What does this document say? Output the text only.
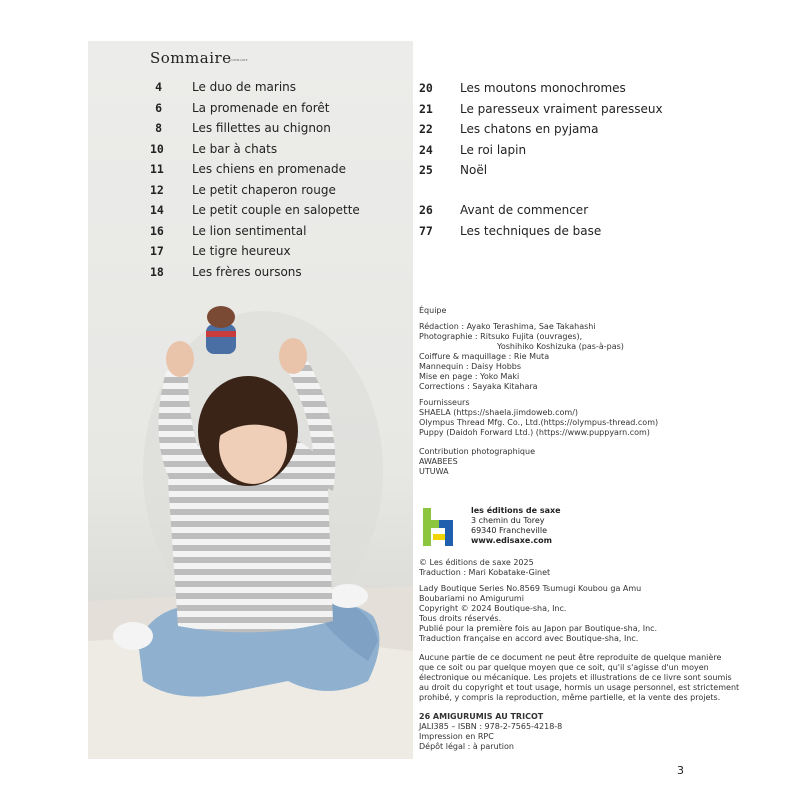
Sommaire
SOMMAIRE
4	Le duo de marins
6	La promenade en forêt
8	Les fillettes au chignon
10 Le bar à chats
11 Les chiens en promenade
12 Le petit chaperon rouge
14 Le petit couple en salopette
16 Le lion sentimental
17 Le tigre heureux
18 Les frères oursons
20 Les moutons monochromes
21 Le paresseux vraiment paresseux
22 Les chatons en pyjama
24 Le roi lapin
25 Noël
26 Avant de commencer
77 Les techniques de base

Équipe

Rédaction : Ayako Terashima, Sae Takahashi

Photographie : Ritsuko Fujita (ouvrages),

Yoshihiko Koshizuka (pas-à-pas)

Coiffure & maquillage : Rie Muta

Mannequin : Daisy Hobbs

Mise en page : Yoko Maki

Corrections : Sayaka Kitahara

Fournisseurs

SHAELA (https://shaela.jimdoweb.com/)

Olympus Thread Mfg. Co., Ltd.(https://olympus-thread.com)

Puppy (Daidoh Forward Ltd.) (https://www.puppyarn.com)

Contribution photographique

AWABEES

UTUWA

les éditions de saxe
3 chemin du Torey
69340 Francheville
www.edisaxe.com

© Les éditions de saxe 2025

Traduction : Mari Kobatake-Ginet

Lady Boutique Series No.8569 Tsumugi Koubou ga Amu

Boubariami no Amigurumi

Copyright © 2024 Boutique-sha, Inc.

Tous droits réservés.

Publié pour la première fois au Japon par Boutique-sha, Inc.

Traduction française en accord avec Boutique-sha, Inc.

Aucune partie de ce document ne peut être reproduite de quelque manière

que ce soit ou par quelque moyen que ce soit, qu'il s'agisse d'un moyen

électronique ou mécanique. Les projets et illustrations de ce livre sont soumis

au droit du copyright et tout usage, hormis un usage personnel, est strictement

prohibé, y compris la reproduction, même partielle, et la vente des projets.

26 AMIGURUMIS AU TRICOT

JALI385 – ISBN : 978-2-7565-4218-8

Impression en RPC

Dépôt légal : à parution

3
